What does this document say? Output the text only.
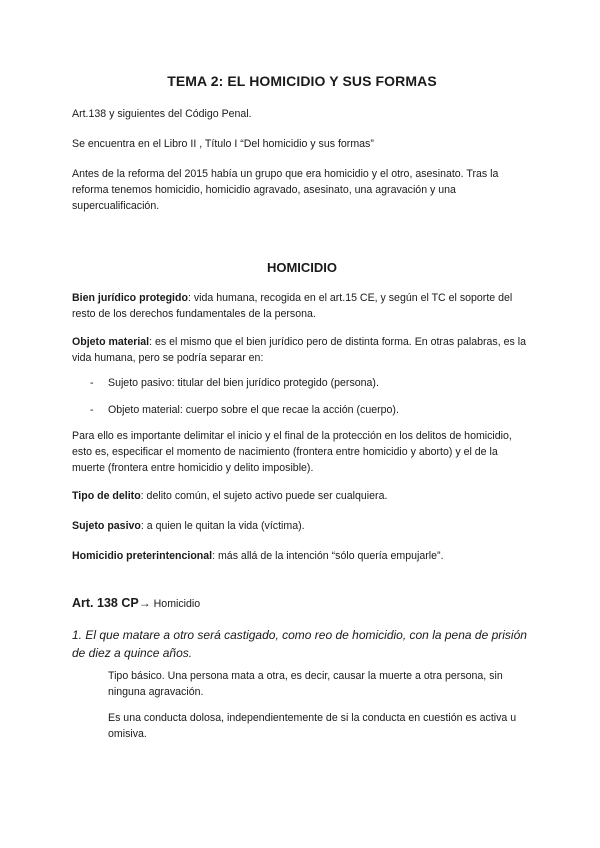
TEMA 2: EL HOMICIDIO Y SUS FORMAS
Art.138 y siguientes del Código Penal.
Se encuentra en el Libro II , Título I “Del homicidio y sus formas”
Antes de la reforma del 2015 había un grupo que era homicidio y el otro, asesinato. Tras la reforma tenemos homicidio, homicidio agravado, asesinato, una agravación y una supercualificación.
HOMICIDIO
Bien jurídico protegido: vida humana, recogida en el art.15 CE, y según el TC el soporte del resto de los derechos fundamentales de la persona.
Objeto material: es el mismo que el bien jurídico pero de distinta forma. En otras palabras, es la vida humana, pero se podría separar en:
- Sujeto pasivo: titular del bien jurídico protegido (persona).
- Objeto material: cuerpo sobre el que recae la acción (cuerpo).
Para ello es importante delimitar el inicio y el final de la protección en los delitos de homicidio, esto es, especificar el momento de nacimiento (frontera entre homicidio y aborto) y el de la muerte (frontera entre homicidio y delito imposible).
Tipo de delito: delito común, el sujeto activo puede ser cualquiera.
Sujeto pasivo: a quien le quitan la vida (víctima).
Homicidio preterintencional: más allá de la intención “sólo quería empujarle”.
Art. 138 CP→ Homicidio
1. El que matare a otro será castigado, como reo de homicidio, con la pena de prisión de diez a quince años.
Tipo básico. Una persona mata a otra, es decir, causar la muerte a otra persona, sin ninguna agravación.
Es una conducta dolosa, independientemente de si la conducta en cuestión es activa u omisiva.
